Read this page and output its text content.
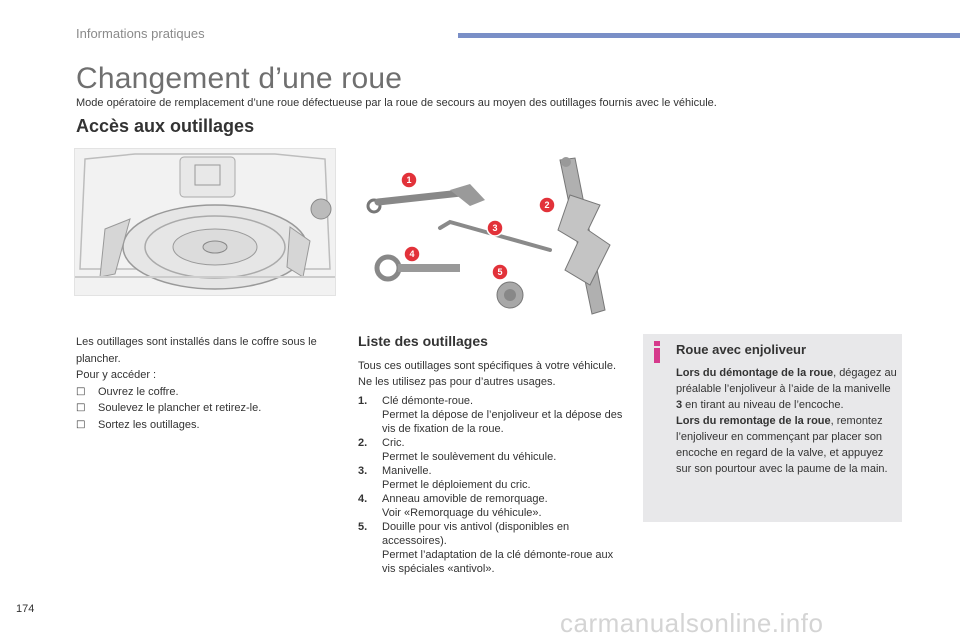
Informations pratiques
Changement d’une roue
Mode opératoire de remplacement d’une roue défectueuse par la roue de secours au moyen des outillages fournis avec le véhicule.
Accès aux outillages
1
2
3
4
5
Les outillages sont installés dans le coffre sous le plancher.
Pour y accéder :
□ Ouvrez le coffre.
□ Soulevez le plancher et retirez-le.
□ Sortez les outillages.
Liste des outillages
Tous ces outillages sont spécifiques à votre véhicule. Ne les utilisez pas pour d’autres usages.
1. Clé démonte-roue.
Permet la dépose de l’enjoliveur et la dépose des vis de fixation de la roue.
2. Cric.
Permet le soulèvement du véhicule.
3. Manivelle.
Permet le déploiement du cric.
4. Anneau amovible de remorquage.
Voir «Remorquage du véhicule».
5. Douille pour vis antivol (disponibles en accessoires).
Permet l’adaptation de la clé démonte-roue aux vis spéciales «antivol».
Roue avec enjoliveur
Lors du démontage de la roue, dégagez au préalable l’enjoliveur à l’aide de la manivelle 3 en tirant au niveau de l’encoche.
Lors du remontage de la roue, remontez l’enjoliveur en commençant par placer son encoche en regard de la valve, et appuyez sur son pourtour avec la paume de la main.
174	carmanualsonline.info
